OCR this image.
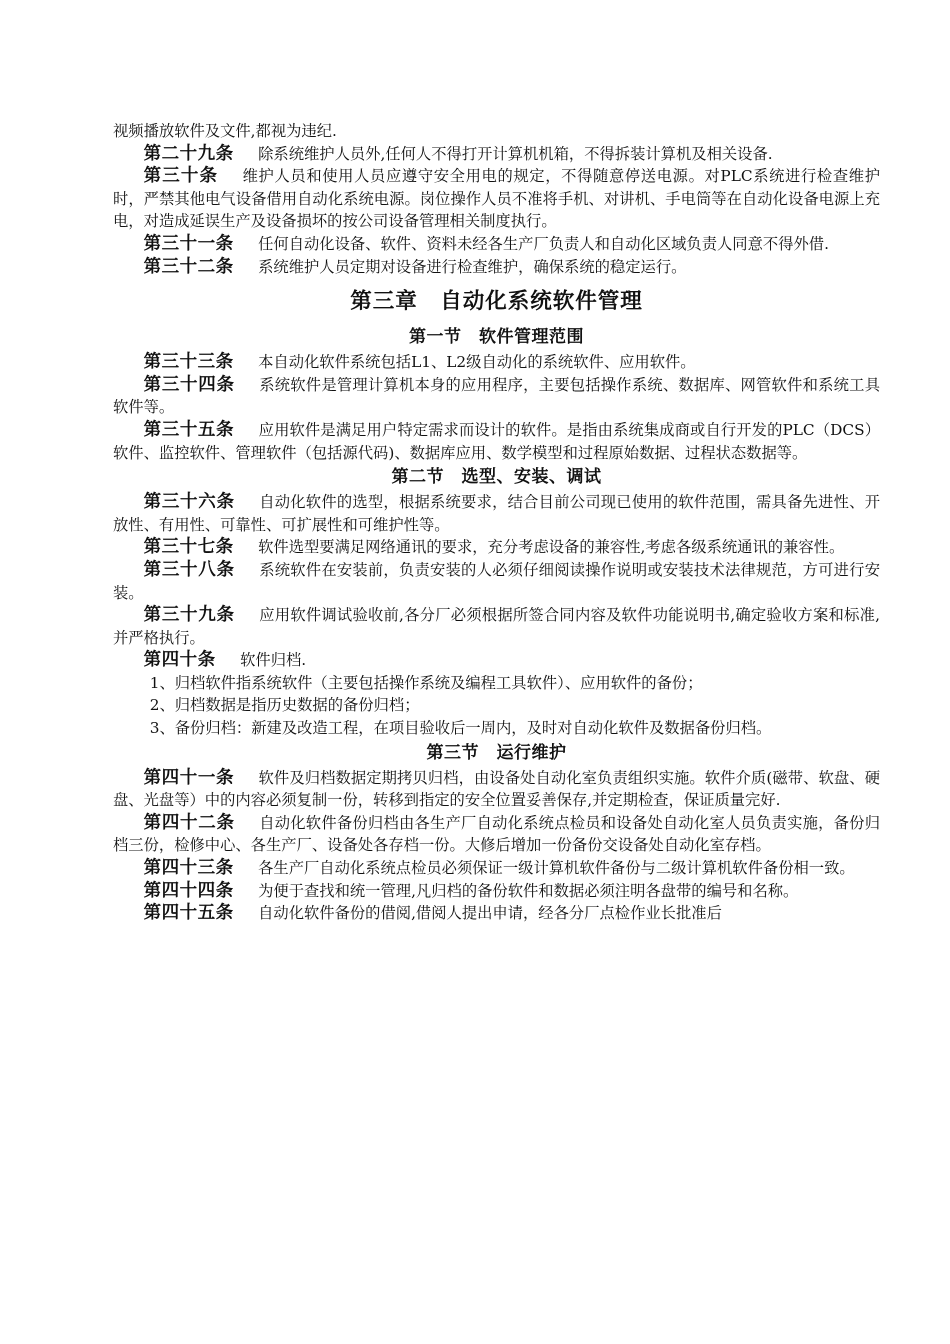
视频播放软件及文件,都视为违纪.

第二十九条 除系统维护人员外,任何人不得打开计算机机箱，不得拆装计算机及相关设备.

第三十条 维护人员和使用人员应遵守安全用电的规定，不得随意停送电源。对PLC系统进行检查维护时，严禁其他电气设备借用自动化系统电源。岗位操作人员不准将手机、对讲机、手电筒等在自动化设备电源上充电，对造成延误生产及设备损坏的按公司设备管理相关制度执行。

第三十一条 任何自动化设备、软件、资料未经各生产厂负责人和自动化区域负责人同意不得外借.

第三十二条 系统维护人员定期对设备进行检查维护，确保系统的稳定运行。

第三章　自动化系统软件管理
第一节　软件管理范围

第三十三条 本自动化软件系统包括L1、L2级自动化的系统软件、应用软件。

第三十四条 系统软件是管理计算机本身的应用程序，主要包括操作系统、数据库、网管软件和系统工具软件等。

第三十五条 应用软件是满足用户特定需求而设计的软件。是指由系统集成商或自行开发的PLC（DCS）软件、监控软件、管理软件（包括源代码)、数据库应用、数学模型和过程原始数据、过程状态数据等。

第二节　选型、安装、调试

第三十六条 自动化软件的选型，根据系统要求，结合目前公司现已使用的软件范围，需具备先进性、开放性、有用性、可靠性、可扩展性和可维护性等。

第三十七条 软件选型要满足网络通讯的要求，充分考虑设备的兼容性,考虑各级系统通讯的兼容性。

第三十八条 系统软件在安装前，负责安装的人必须仔细阅读操作说明或安装技术法律规范，方可进行安装。

第三十九条 应用软件调试验收前,各分厂必须根据所签合同内容及软件功能说明书,确定验收方案和标准,并严格执行。

第四十条 软件归档.

1、归档软件指系统软件（主要包括操作系统及编程工具软件）、应用软件的备份；

2、归档数据是指历史数据的备份归档；

3、备份归档：新建及改造工程，在项目验收后一周内，及时对自动化软件及数据备份归档。

第三节　运行维护

第四十一条 软件及归档数据定期拷贝归档，由设备处自动化室负责组织实施。软件介质(磁带、软盘、硬盘、光盘等）中的内容必须复制一份，转移到指定的安全位置妥善保存,并定期检查，保证质量完好.

第四十二条 自动化软件备份归档由各生产厂自动化系统点检员和设备处自动化室人员负责实施，备份归档三份，检修中心、各生产厂、设备处各存档一份。大修后增加一份备份交设备处自动化室存档。

第四十三条 各生产厂自动化系统点检员必须保证一级计算机软件备份与二级计算机软件备份相一致。

第四十四条 为便于查找和统一管理,凡归档的备份软件和数据必须注明各盘带的编号和名称。

第四十五条 自动化软件备份的借阅,借阅人提出申请，经各分厂点检作业长批准后
